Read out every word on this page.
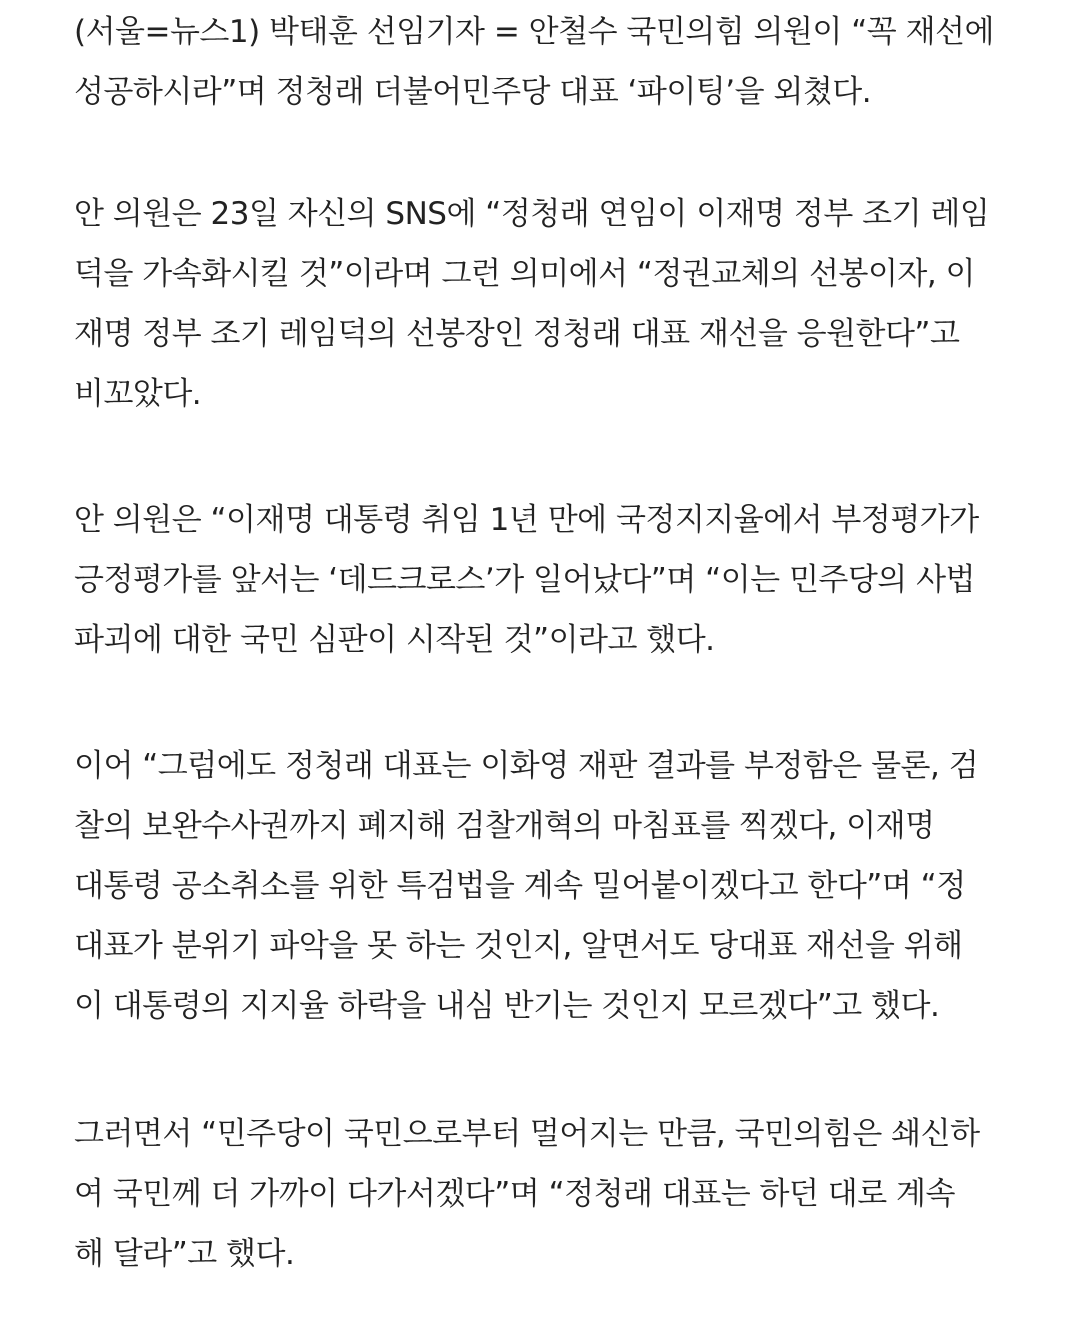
(서울=뉴스1) 박태훈 선임기자 = 안철수 국민의힘 의원이 “꼭 재선에
성공하시라”며 정청래 더불어민주당 대표 ‘파이팅’을 외쳤다.
안 의원은 23일 자신의 SNS에 “정청래 연임이 이재명 정부 조기 레임
덕을 가속화시킬 것”이라며 그런 의미에서 “정권교체의 선봉이자, 이
재명 정부 조기 레임덕의 선봉장인 정청래 대표 재선을 응원한다”고
비꼬았다.
안 의원은 “이재명 대통령 취임 1년 만에 국정지지율에서 부정평가가
긍정평가를 앞서는 ‘데드크로스’가 일어났다”며 “이는 민주당의 사법
파괴에 대한 국민 심판이 시작된 것”이라고 했다.
이어 “그럼에도 정청래 대표는 이화영 재판 결과를 부정함은 물론, 검
찰의 보완수사권까지 폐지해 검찰개혁의 마침표를 찍겠다, 이재명
대통령 공소취소를 위한 특검법을 계속 밀어붙이겠다고 한다”며 “정
대표가 분위기 파악을 못 하는 것인지, 알면서도 당대표 재선을 위해
이 대통령의 지지율 하락을 내심 반기는 것인지 모르겠다”고 했다.
그러면서 “민주당이 국민으로부터 멀어지는 만큼, 국민의힘은 쇄신하
여 국민께 더 가까이 다가서겠다”며 “정청래 대표는 하던 대로 계속
해 달라”고 했다.
